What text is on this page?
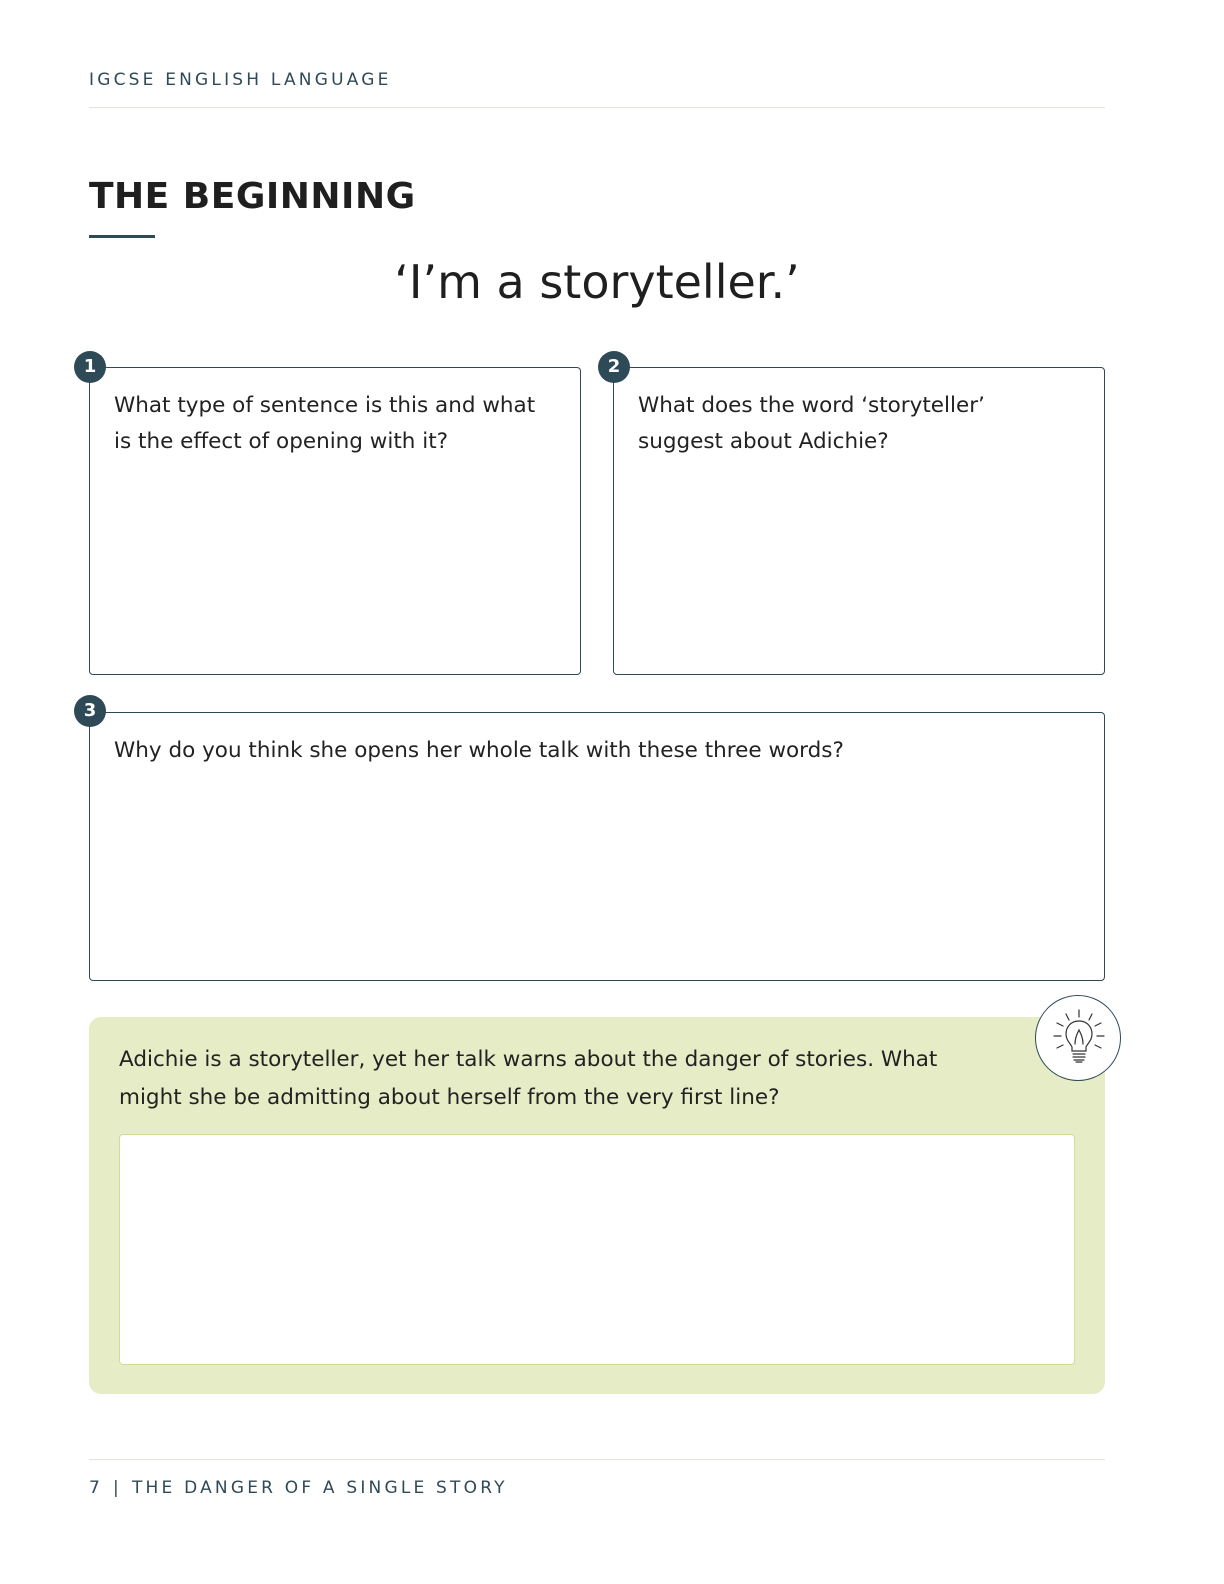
IGCSE ENGLISH LANGUAGE
THE BEGINNING
‘I’m a storyteller.’
What type of sentence is this and what is the effect of opening with it?
1
What does the word ‘storyteller’ suggest about Adichie?
2
Why do you think she opens her whole talk with these three words?
3
Adichie is a storyteller, yet her talk warns about the danger of stories. What might she be admitting about herself from the very first line?
7 | THE DANGER OF A SINGLE STORY
